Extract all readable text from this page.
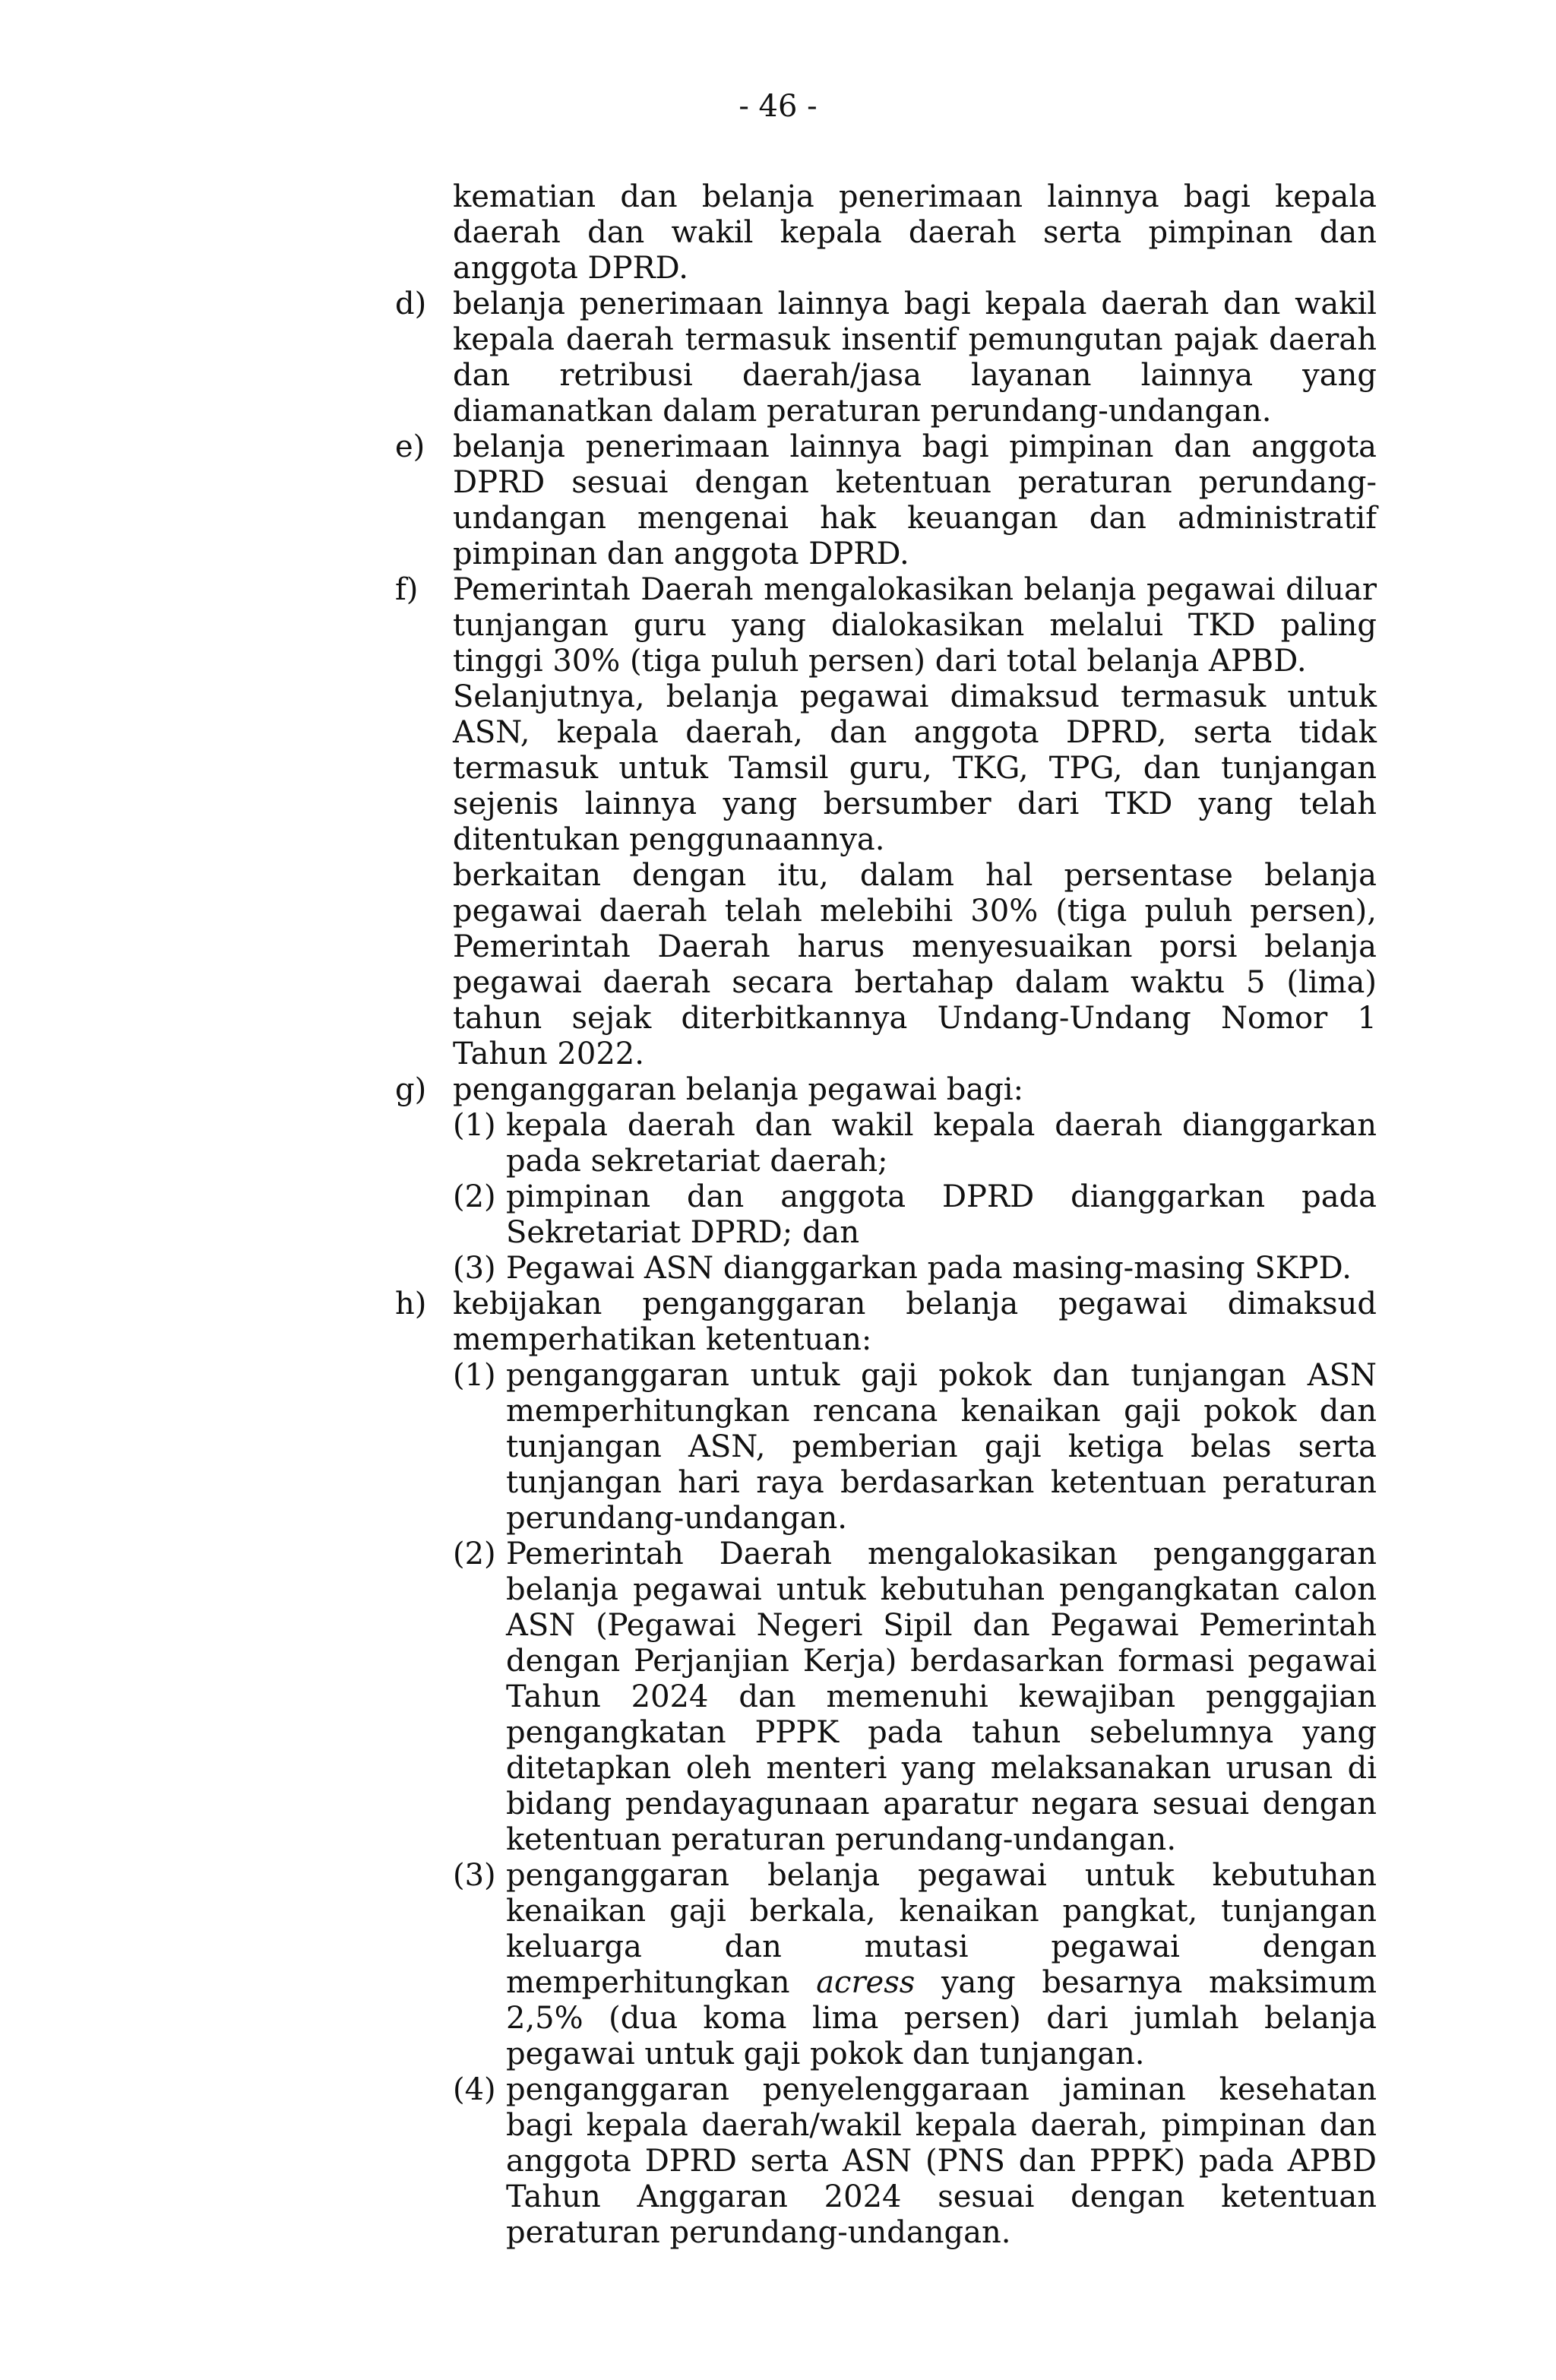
- 46 -
kematian dan belanja penerimaan lainnya bagi kepala daerah dan wakil kepala daerah serta pimpinan dan anggota DPRD.
d) belanja penerimaan lainnya bagi kepala daerah dan wakil kepala daerah termasuk insentif pemungutan pajak daerah dan retribusi daerah/jasa layanan lainnya yang diamanatkan dalam peraturan perundang-undangan.
e) belanja penerimaan lainnya bagi pimpinan dan anggota DPRD sesuai dengan ketentuan peraturan perundang-undangan mengenai hak keuangan dan administratif pimpinan dan anggota DPRD.
f)	Pemerintah Daerah mengalokasikan belanja pegawai diluar tunjangan guru yang dialokasikan melalui TKD paling tinggi 30% (tiga puluh persen) dari total belanja APBD.
Selanjutnya, belanja pegawai dimaksud termasuk untuk ASN, kepala daerah, dan anggota DPRD, serta tidak termasuk untuk Tamsil guru, TKG, TPG, dan tunjangan sejenis lainnya yang bersumber dari TKD yang telah ditentukan penggunaannya.
berkaitan dengan itu, dalam hal persentase belanja pegawai daerah telah melebihi 30% (tiga puluh persen), Pemerintah Daerah harus menyesuaikan porsi belanja pegawai daerah secara bertahap dalam waktu 5 (lima) tahun sejak diterbitkannya Undang-Undang Nomor 1 Tahun 2022.
g) penganggaran belanja pegawai bagi:
(1) kepala daerah dan wakil kepala daerah dianggarkan pada sekretariat daerah;
(2) pimpinan dan anggota DPRD dianggarkan pada Sekretariat DPRD; dan
(3) Pegawai ASN dianggarkan pada masing-masing SKPD.
h) kebijakan penganggaran belanja pegawai dimaksud memperhatikan ketentuan:
(1) penganggaran untuk gaji pokok dan tunjangan ASN memperhitungkan rencana kenaikan gaji pokok dan tunjangan ASN, pemberian gaji ketiga belas serta tunjangan hari raya berdasarkan ketentuan peraturan perundang-undangan.
(2) Pemerintah Daerah mengalokasikan penganggaran belanja pegawai untuk kebutuhan pengangkatan calon ASN (Pegawai Negeri Sipil dan Pegawai Pemerintah dengan Perjanjian Kerja) berdasarkan formasi pegawai Tahun 2024 dan memenuhi kewajiban penggajian pengangkatan PPPK pada tahun sebelumnya yang ditetapkan oleh menteri yang melaksanakan urusan di bidang pendayagunaan aparatur negara sesuai dengan ketentuan peraturan perundang-undangan.
(3) penganggaran belanja pegawai untuk kebutuhan kenaikan gaji berkala, kenaikan pangkat, tunjangan keluarga dan mutasi pegawai dengan memperhitungkan acress yang besarnya maksimum 2,5% (dua koma lima persen) dari jumlah belanja pegawai untuk gaji pokok dan tunjangan.
(4) penganggaran penyelenggaraan jaminan kesehatan bagi kepala daerah/wakil kepala daerah, pimpinan dan anggota DPRD serta ASN (PNS dan PPPK) pada APBD Tahun Anggaran 2024 sesuai dengan ketentuan peraturan perundang-undangan.
